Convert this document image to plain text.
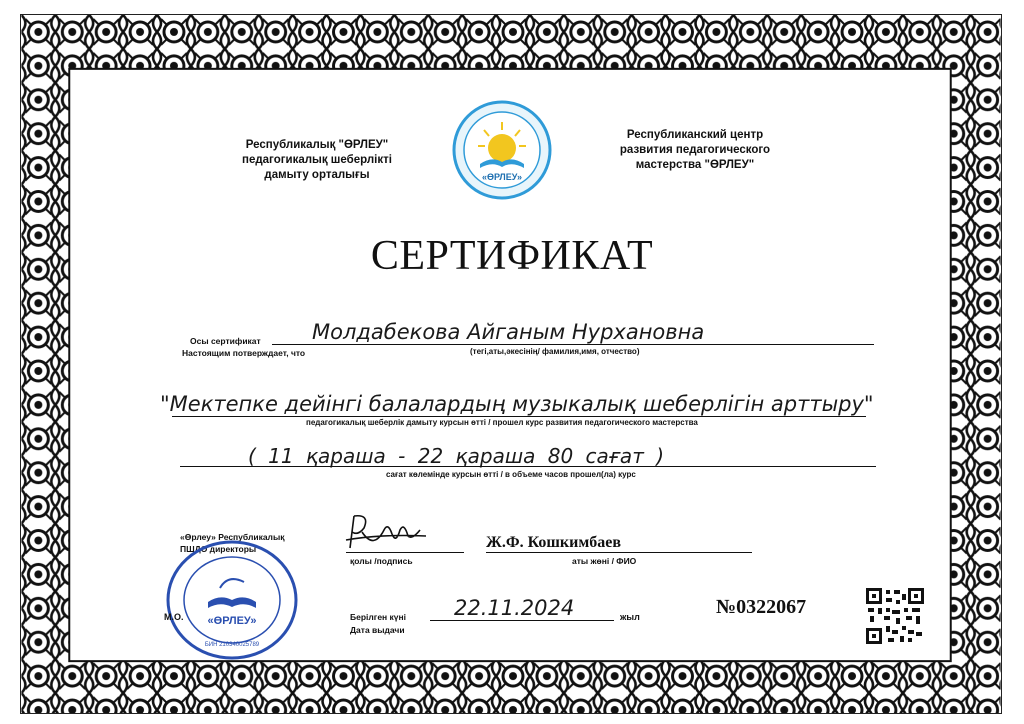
Республикалық "ӨРЛЕУ"
педагогикалық шеберлікті
дамыту орталығы	«ӨРЛЕУ»
Республиканский центр
развития педагогического
мастерства "ӨРЛЕУ"
СЕРТИФИКАТ
Осы сертификат
Настоящим потверждает, что
Молдабекова Айганым Нурхановна
(тегі,аты,әкесінің/ фамилия,имя, отчество)
"Мектепке дейінгі балалардың музыкалық шеберлігін арттыру"
педагогикалық шеберлік дамыту курсын өтті / прошел курс развития педагогического мастерства
( 11 қараша - 22 қараша 80 сағат )
сағат көлемінде курсын өтті / в объеме часов прошел(ла) курс
«Өрлеу» Республикалық
ПШДО директоры
қолы /подпись
Ж.Ф. Кошкимбаев
аты жөні / ФИО
«ӨРЛЕУ»
БИН 210340025789
М.О.	Берілген күні
Дата выдачи
22.11.2024	жыл	№0322067
